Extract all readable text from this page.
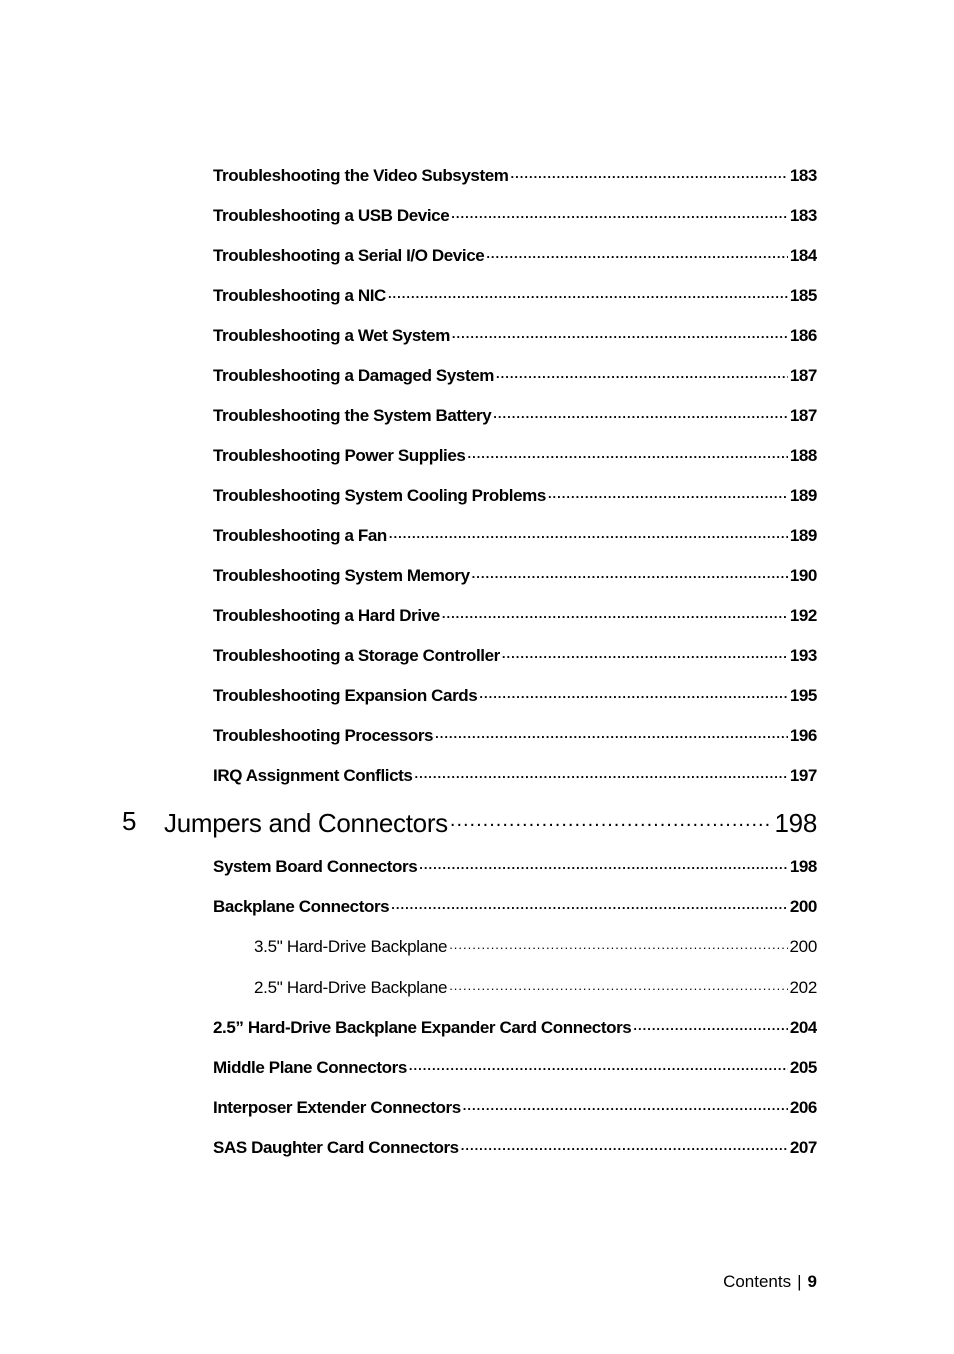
Troubleshooting the Video Subsystem .....	183
Troubleshooting a USB Device .....	183
Troubleshooting a Serial I/O Device .....	184
Troubleshooting a NIC .....	185
Troubleshooting a Wet System .....	186
Troubleshooting a Damaged System .....	187
Troubleshooting the System Battery .....	187
Troubleshooting Power Supplies .....	188
Troubleshooting System Cooling Problems .....	189
Troubleshooting a Fan .....	189
Troubleshooting System Memory .....	190
Troubleshooting a Hard Drive .....	192
Troubleshooting a Storage Controller .....	193
Troubleshooting Expansion Cards .....	195
Troubleshooting Processors .....	196
IRQ Assignment Conflicts .....	197
5 Jumpers and Connectors .....	198
System Board Connectors .....	198
Backplane Connectors .....	200
3.5" Hard-Drive Backplane .....	200
2.5" Hard-Drive Backplane .....	202
2.5” Hard-Drive Backplane Expander Card Connectors .....	204
Middle Plane Connectors .....	205
Interposer Extender Connectors .....	206
SAS Daughter Card Connectors .....	207
Contents | 9
